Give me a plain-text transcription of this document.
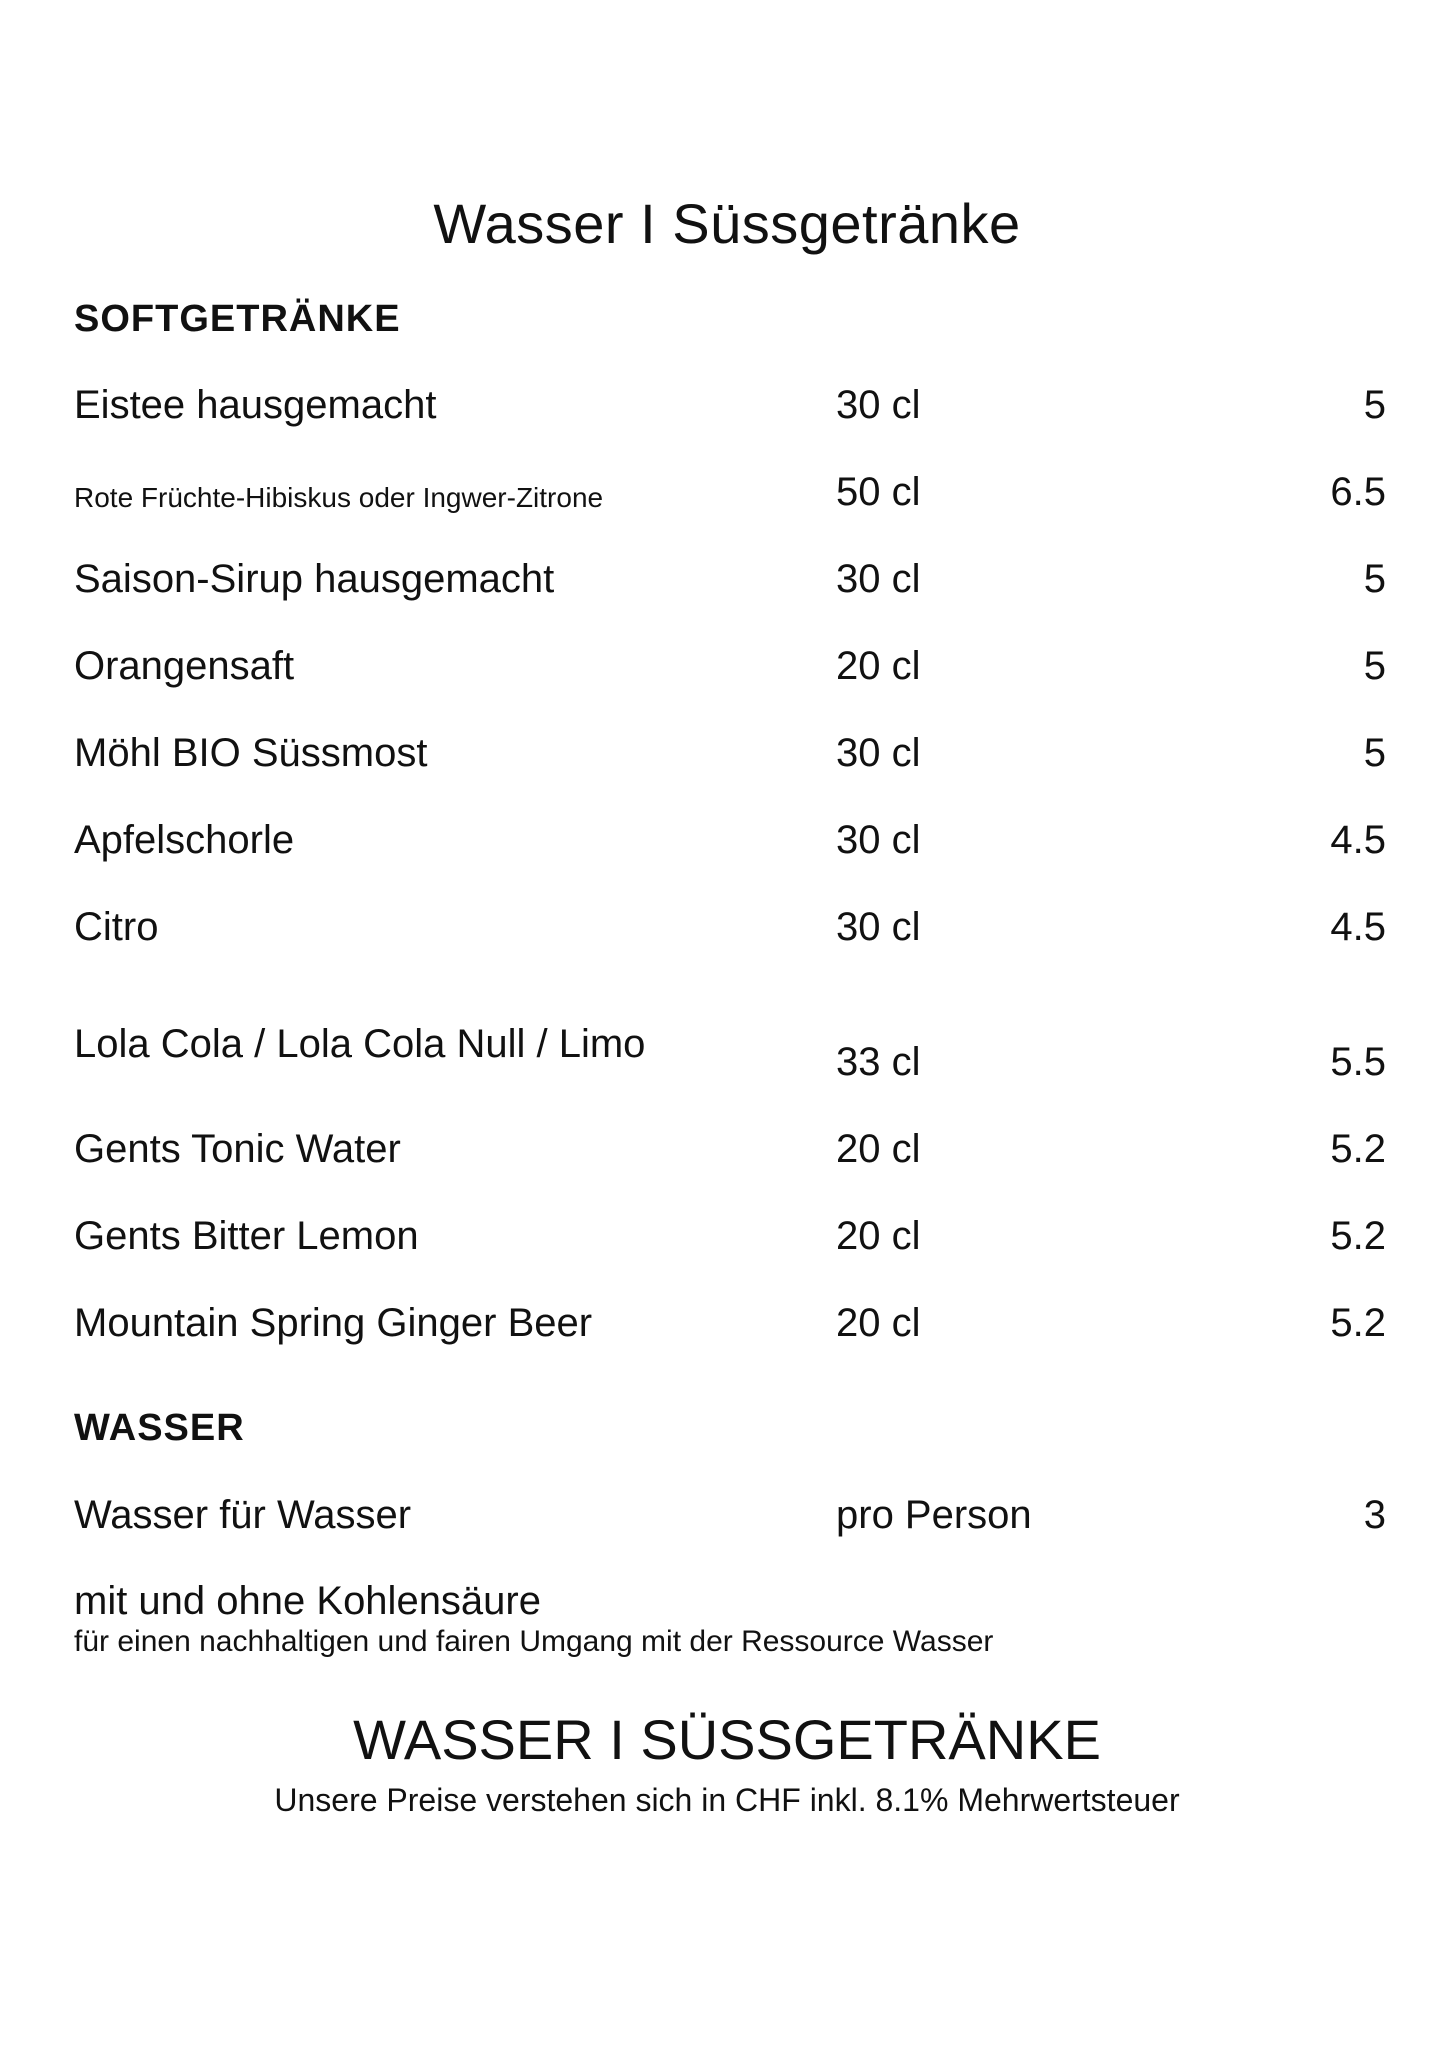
Wasser I Süssgetränke
SOFTGETRÄNKE
Eistee hausgemacht	30 cl	5
Rote Früchte-Hibiskus oder Ingwer-Zitrone	50 cl	6.5
Saison-Sirup hausgemacht	30 cl	5
Orangensaft	20 cl	5
Möhl BIO Süssmost	30 cl	5
Apfelschorle	30 cl	4.5
Citro	30 cl	4.5
Lola Cola / Lola Cola Null / Limo	33 cl	5.5
Gents Tonic Water	20 cl	5.2
Gents Bitter Lemon	20 cl	5.2
Mountain Spring Ginger Beer	20 cl	5.2
WASSER
Wasser für Wasser	pro Person	3
mit und ohne Kohlensäure
für einen nachhaltigen und fairen Umgang mit der Ressource Wasser
WASSER I SÜSSGETRÄNKE
Unsere Preise verstehen sich in CHF inkl. 8.1% Mehrwertsteuer
